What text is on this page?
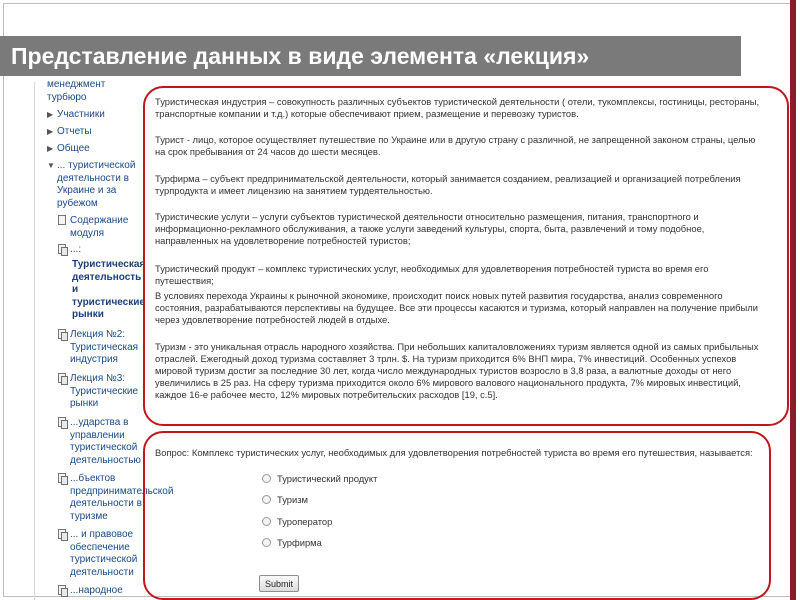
Представление данных в виде элемента «лекция»
менеджмент
турбюро
▶ Участники
▶ Отчеты
▶ Общее
▼ ... туристической деятельности в Украине и за рубежом
Содержание модуля
...:
Туристическая деятельность и туристические рынки
Лекция №2: Туристическая индустрия
Лекция №3: Туристические рынки
...ударства в управлении туристической деятельностью
...бъектов предпринимательской деятельности в туризме
... и правовое обеспечение туристической деятельности
...народное

Туристическая индустрия – совокупность различных субъектов туристической деятельности ( отели, тукомплексы, гостиницы, рестораны, транспортные компании и т.д.) которые обеспечивают прием, размещение и перевозку туристов.

Турист - лицо, которое осуществляет путешествие по Украине или в другую страну с различной, не запрещенной законом страны, целью на срок пребывания от 24 часов до шести месяцев.

Турфирма – субъект предпринимательской деятельности, который занимается созданием, реализацией и организацией потребления турпродукта и имеет лицензию на занятием турдеятельностью.

Туристические услуги – услуги субъектов туристической деятельности относительно размещения, питания, транспортного и информационно-рекламного обслуживания, а также услуги заведений культуры, спорта, быта, развлечений и тому подобное, направленных на удовлетворение потребностей туристов;

Туристический продукт – комплекс туристических услуг, необходимых для удовлетворения потребностей туриста во время его путешествия;

В условиях перехода Украины к рыночной экономике, происходит поиск новых путей развития государства, анализ современного состояния, разрабатываются перспективы на будущее. Все эти процессы касаются и туризма, который направлен на получение прибыли через удовлетворение потребностей людей в отдыхе.

Туризм - это уникальная отрасль народного хозяйства. При небольших капиталовложениях туризм является одной из самых прибыльных отраслей. Ежегодный доход туризма составляет 3 трлн. $. На туризм приходится 6% ВНП мира, 7% инвестиций. Особенных успехов мировой туризм достиг за последние 30 лет, когда число международных туристов возросло в 3,8 раза, а валютные доходы от него увеличились в 25 раз. На сферу туризма приходится около 6% мирового валового национального продукта, 7% мировых инвестиций, каждое 16-е рабочее место, 12% мировых потребительских расходов [19, с.5].

Вопрос: Комплекс туристических услуг, необходимых для удовлетворения потребностей туриста во время его путешествия, называется:
Туристический продукт
Туризм
Туроператор
Турфирма
Submit
